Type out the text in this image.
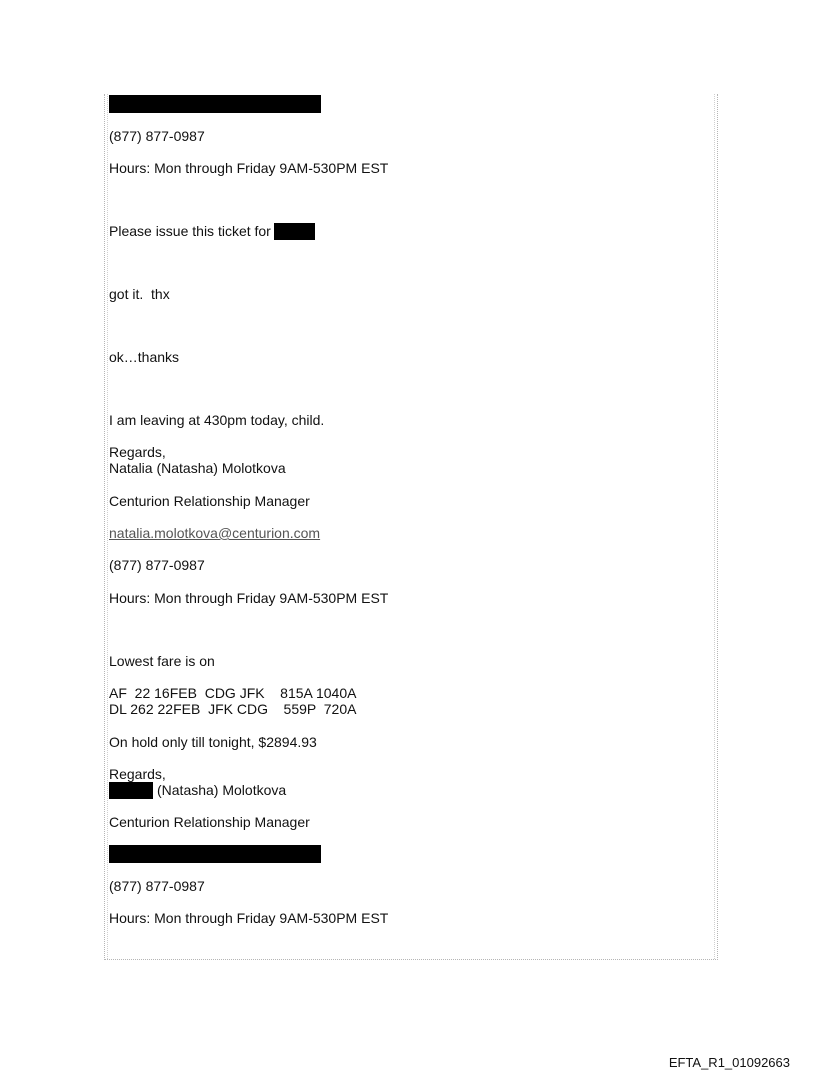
(877) 877-0987
Hours: Mon through Friday 9AM-530PM EST
Please issue this ticket for
got it.  thx
ok…thanks
I am leaving at 430pm today, child.
Regards,
Natalia (Natasha) Molotkova
Centurion Relationship Manager
natalia.molotkova@centurion.com
(877) 877-0987
Hours: Mon through Friday 9AM-530PM EST
Lowest fare is on
AF  22 16FEB  CDG JFK    815A 1040A
DL 262 22FEB  JFK CDG    559P  720A
On hold only till tonight, $2894.93
Regards,
(Natasha) Molotkova
Centurion Relationship Manager
(877) 877-0987
Hours: Mon through Friday 9AM-530PM EST
EFTA_R1_01092663
